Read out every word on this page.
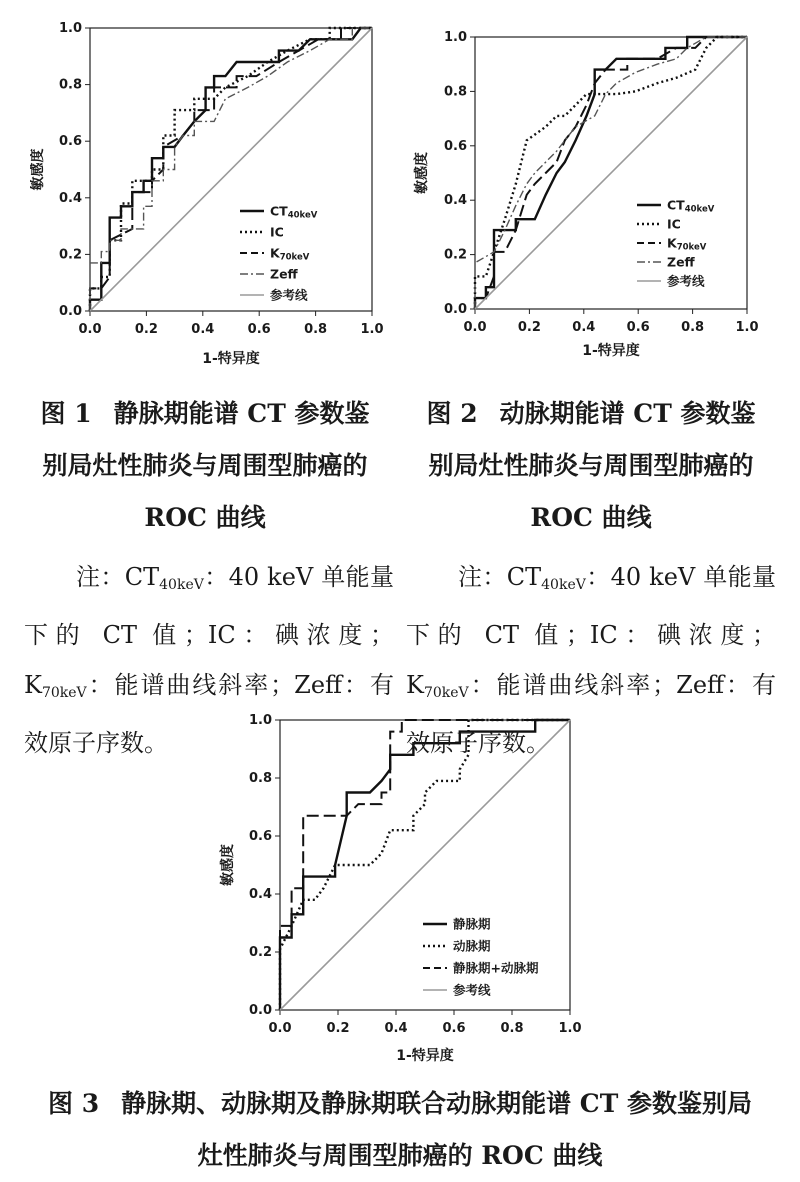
0.0
0.0
0.2
0.2
0.4
0.4
0.6
0.6
0.8
0.8
1.0
1.0
1-特异度
敏感度
CT40keV
IC
K70keV
Zeff
参考线
0.0
0.0
0.2
0.2
0.4
0.4
0.6
0.6
0.8
0.8
1.0
1.0
1-特异度
敏感度
CT40keV
IC
K70keV
Zeff
参考线
0.0
0.0
0.2
0.2
0.4
0.4
0.6
0.6
0.8
0.8
1.0
1.0
1-特异度
敏感度
静脉期
动脉期
静脉期+动脉期
参考线
图 1 静脉期能谱 CT 参数鉴
别局灶性肺炎与周围型肺癌的
ROC 曲线
图 2 动脉期能谱 CT 参数鉴
别局灶性肺炎与周围型肺癌的
ROC 曲线
注：$CT_{40keV}$：40 keV 单能量下的 CT 值；IC：碘浓度；$K_{70keV}$：能谱曲线斜率；Zeff：有效原子序数。
注：$CT_{40keV}$：40 keV 单能量下的 CT 值；IC：碘浓度；$K_{70keV}$：能谱曲线斜率；Zeff：有效原子序数。
图 3 静脉期、动脉期及静脉期联合动脉期能谱 CT 参数鉴别局
灶性肺炎与周围型肺癌的 ROC 曲线
